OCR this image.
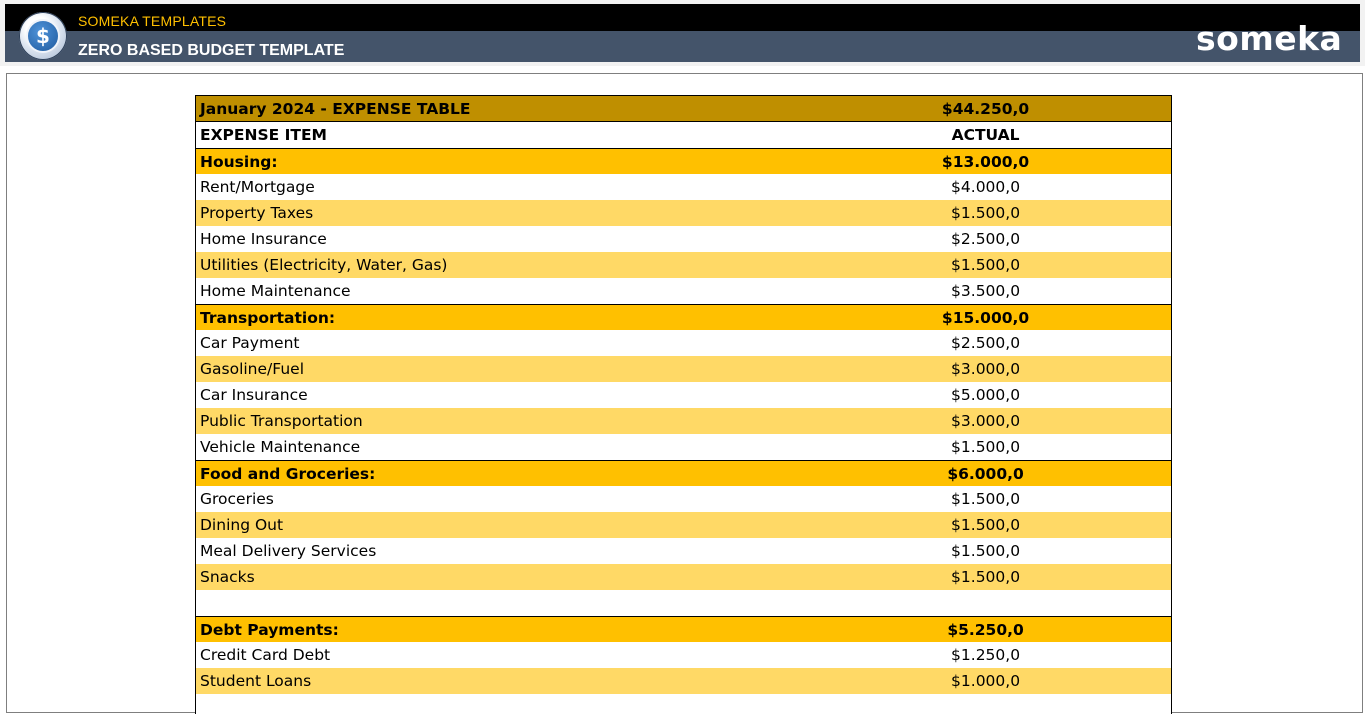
$
SOMEKA TEMPLATES
ZERO BASED BUDGET TEMPLATE	someka
January 2024 - EXPENSE TABLE	$44.250,0
EXPENSE ITEM	ACTUAL
Housing:	$13.000,0
Rent/Mortgage	$4.000,0
Property Taxes	$1.500,0
Home Insurance	$2.500,0
Utilities (Electricity, Water, Gas)	$1.500,0
Home Maintenance	$3.500,0
Transportation:	$15.000,0
Car Payment	$2.500,0
Gasoline/Fuel	$3.000,0
Car Insurance	$5.000,0
Public Transportation	$3.000,0
Vehicle Maintenance	$1.500,0
Food and Groceries:	$6.000,0
Groceries	$1.500,0
Dining Out	$1.500,0
Meal Delivery Services	$1.500,0
Snacks	$1.500,0
Debt Payments:	$5.250,0
Credit Card Debt	$1.250,0
Student Loans	$1.000,0
